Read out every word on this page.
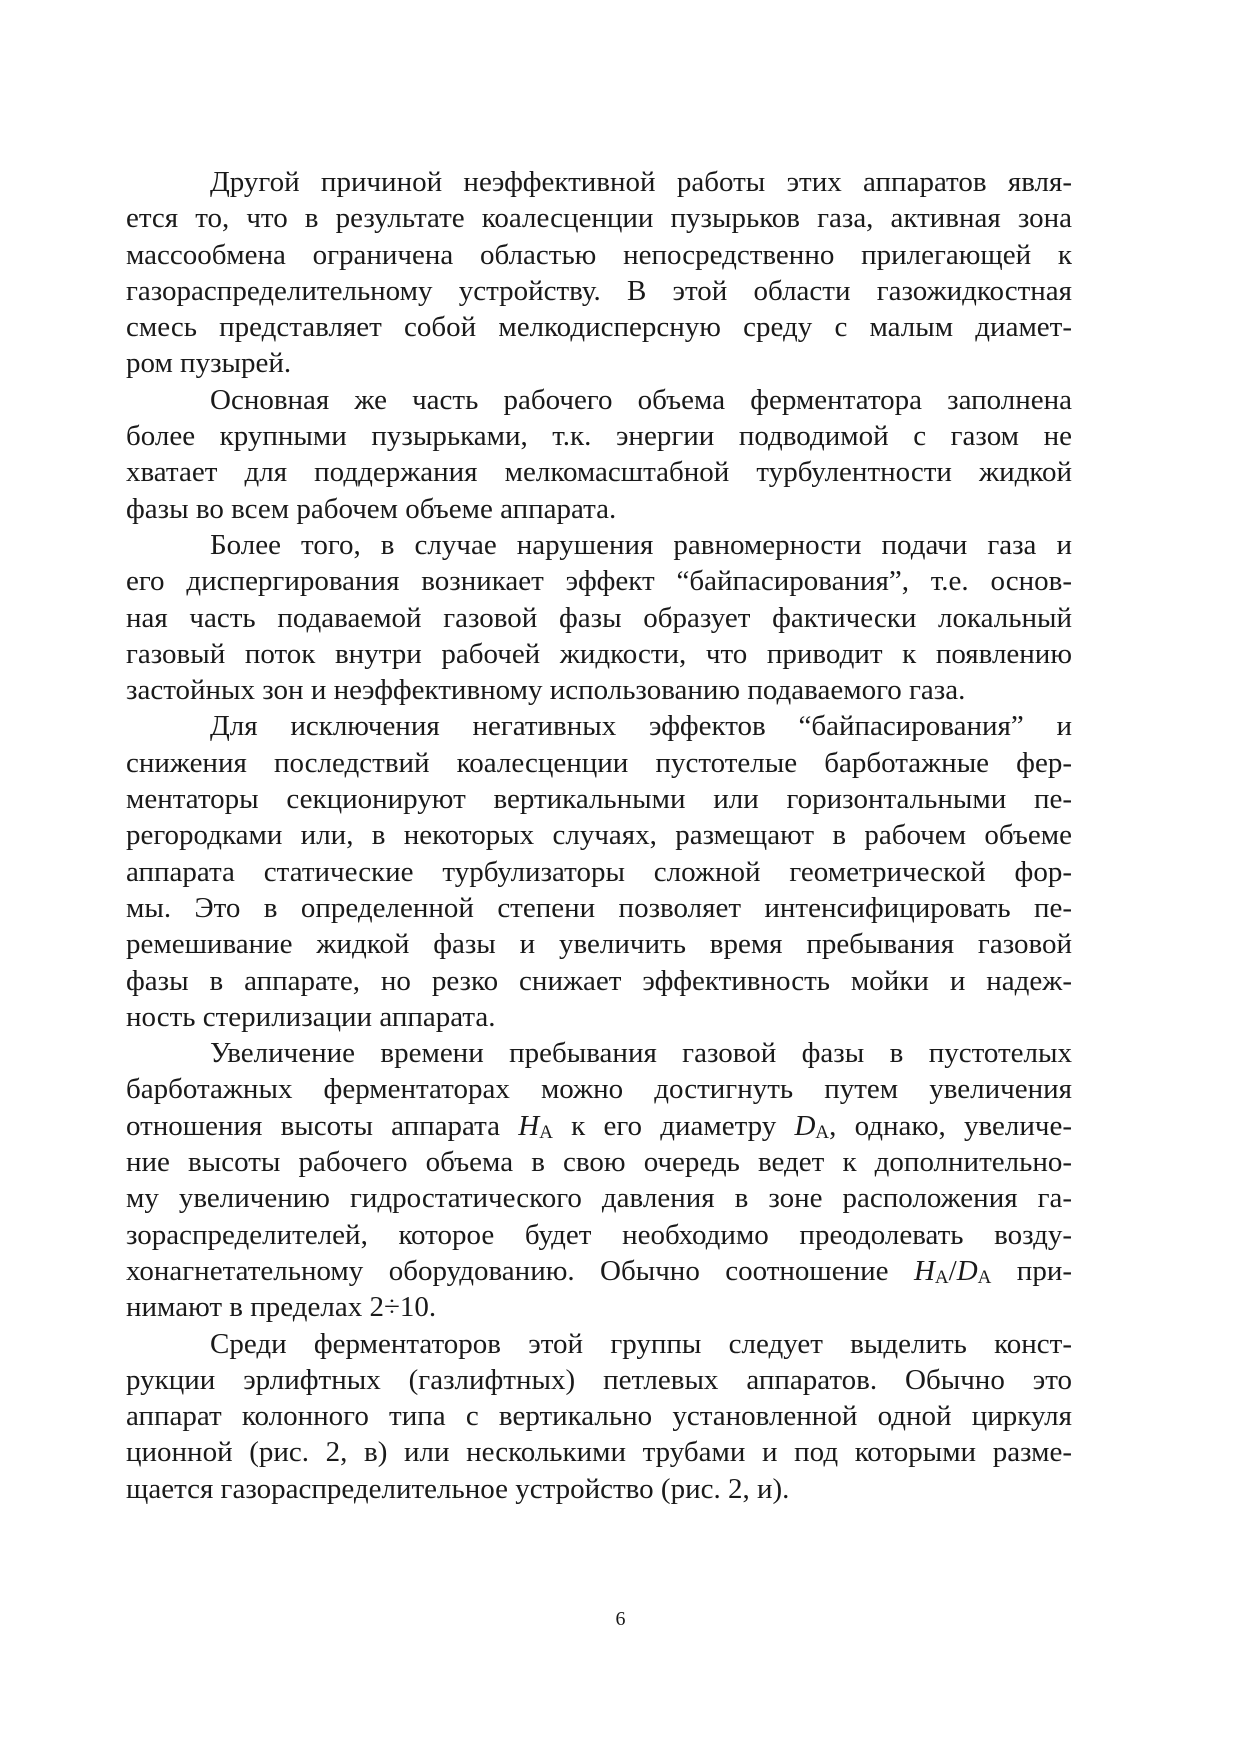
Другой причиной неэффективной работы этих аппаратов явля-
ется то, что в результате коалесценции пузырьков газа, активная зона
массообмена ограничена областью непосредственно прилегающей к
газораспределительному устройству. В этой области газожидкостная
смесь представляет собой мелкодисперсную среду с малым диамет-
ром пузырей.
Основная же часть рабочего объема ферментатора заполнена
более крупными пузырьками, т.к. энергии подводимой с газом не
хватает для поддержания мелкомасштабной турбулентности жидкой
фазы во всем рабочем объеме аппарата.
Более того, в случае нарушения равномерности подачи газа и
его диспергирования возникает эффект “байпасирования”, т.е. основ-
ная часть подаваемой газовой фазы образует фактически локальный
газовый поток внутри рабочей жидкости, что приводит к появлению
застойных зон и неэффективному использованию подаваемого газа.
Для исключения негативных эффектов “байпасирования” и
снижения последствий коалесценции пустотелые барботажные фер-
ментаторы секционируют вертикальными или горизонтальными пе-
регородками или, в некоторых случаях, размещают в рабочем объеме
аппарата статические турбулизаторы сложной геометрической фор-
мы. Это в определенной степени позволяет интенсифицировать пе-
ремешивание жидкой фазы и увеличить время пребывания газовой
фазы в аппарате, но резко снижает эффективность мойки и надеж-
ность стерилизации аппарата.
Увеличение времени пребывания газовой фазы в пустотелых
барботажных ферментаторах можно достигнуть путем увеличения
отношения высоты аппарата HA к его диаметру DA, однако, увеличе-
ние высоты рабочего объема в свою очередь ведет к дополнительно-
му увеличению гидростатического давления в зоне расположения га-
зораспределителей, которое будет необходимо преодолевать возду-
хонагнетательному оборудованию. Обычно соотношение HA/DA при-
нимают в пределах 2÷10.
Среди ферментаторов этой группы следует выделить конст-
рукции эрлифтных (газлифтных) петлевых аппаратов. Обычно это
аппарат колонного типа с вертикально установленной одной циркуля
ционной (рис. 2, в) или несколькими трубами и под которыми разме-
щается газораспределительное устройство (рис. 2, и).
6
